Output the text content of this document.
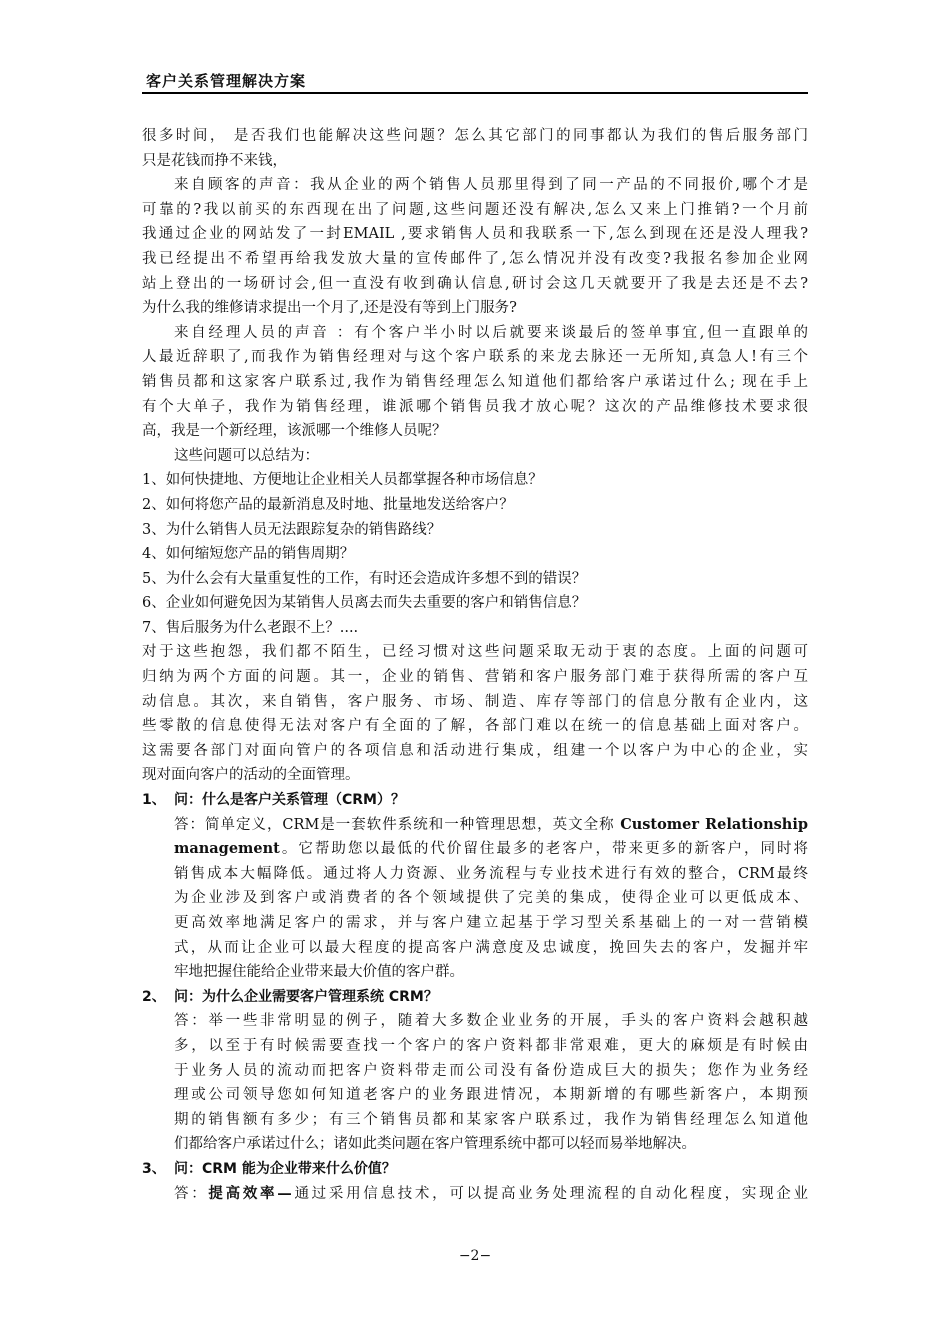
客户关系管理解决方案
很多时间， 是否我们也能解决这些问题？怎么其它部门的同事都认为我们的售后服务部门
只是花钱而挣不来钱，
来自顾客的声音：我从企业的两个销售人员那里得到了同一产品的不同报价,哪个才是
可靠的?我以前买的东西现在出了问题,这些问题还没有解决,怎么又来上门推销?一个月前
我通过企业的网站发了一封EMAIL ,要求销售人员和我联系一下,怎么到现在还是没人理我?
我已经提出不希望再给我发放大量的宣传邮件了,怎么情况并没有改变?我报名参加企业网
站上登出的一场研讨会,但一直没有收到确认信息,研讨会这几天就要开了我是去还是不去?
为什么我的维修请求提出一个月了,还是没有等到上门服务?
来自经理人员的声音 ：有个客户半小时以后就要来谈最后的签单事宜,但一直跟单的
人最近辞职了,而我作为销售经理对与这个客户联系的来龙去脉还一无所知,真急人!有三个
销售员都和这家客户联系过,我作为销售经理怎么知道他们都给客户承诺过什么; 现在手上
有个大单子，我作为销售经理，谁派哪个销售员我才放心呢？这次的产品维修技术要求很
高，我是一个新经理，该派哪一个维修人员呢？
这些问题可以总结为：
1、如何快捷地、方便地让企业相关人员都掌握各种市场信息？
2、如何将您产品的最新消息及时地、批量地发送给客户？
3、为什么销售人员无法跟踪复杂的销售路线？
4、如何缩短您产品的销售周期？
5、为什么会有大量重复性的工作，有时还会造成许多想不到的错误？
6、企业如何避免因为某销售人员离去而失去重要的客户和销售信息？
7、售后服务为什么老跟不上？....
对于这些抱怨，我们都不陌生，已经习惯对这些问题采取无动于衷的态度。上面的问题可
归纳为两个方面的问题。其一，企业的销售、营销和客户服务部门难于获得所需的客户互
动信息。其次，来自销售，客户服务、市场、制造、库存等部门的信息分散有企业内，这
些零散的信息使得无法对客户有全面的了解，各部门难以在统一的信息基础上面对客户。
这需要各部门对面向管户的各项信息和活动进行集成，组建一个以客户为中心的企业，实
现对面向客户的活动的全面管理。
1、 问：什么是客户关系管理（CRM）？
答：简单定义，CRM是一套软件系统和一种管理思想，英文全称 Customer Relationship
management。它帮助您以最低的代价留住最多的老客户，带来更多的新客户，同时将
销售成本大幅降低。通过将人力资源、业务流程与专业技术进行有效的整合，CRM最终
为企业涉及到客户或消费者的各个领域提供了完美的集成，使得企业可以更低成本、
更高效率地满足客户的需求，并与客户建立起基于学习型关系基础上的一对一营销模
式，从而让企业可以最大程度的提高客户满意度及忠诚度，挽回失去的客户，发掘并牢
牢地把握住能给企业带来最大价值的客户群。
2、 问：为什么企业需要客户管理系统 CRM？
答：举一些非常明显的例子，随着大多数企业业务的开展，手头的客户资料会越积越
多，以至于有时候需要查找一个客户的客户资料都非常艰难，更大的麻烦是有时候由
于业务人员的流动而把客户资料带走而公司没有备份造成巨大的损失；您作为业务经
理或公司领导您如何知道老客户的业务跟进情况，本期新增的有哪些新客户，本期预
期的销售额有多少；有三个销售员都和某家客户联系过，我作为销售经理怎么知道他
们都给客户承诺过什么；诸如此类问题在客户管理系统中都可以轻而易举地解决。
3、 问：CRM 能为企业带来什么价值？
答：提高效率—通过采用信息技术，可以提高业务处理流程的自动化程度，实现企业
−2−
